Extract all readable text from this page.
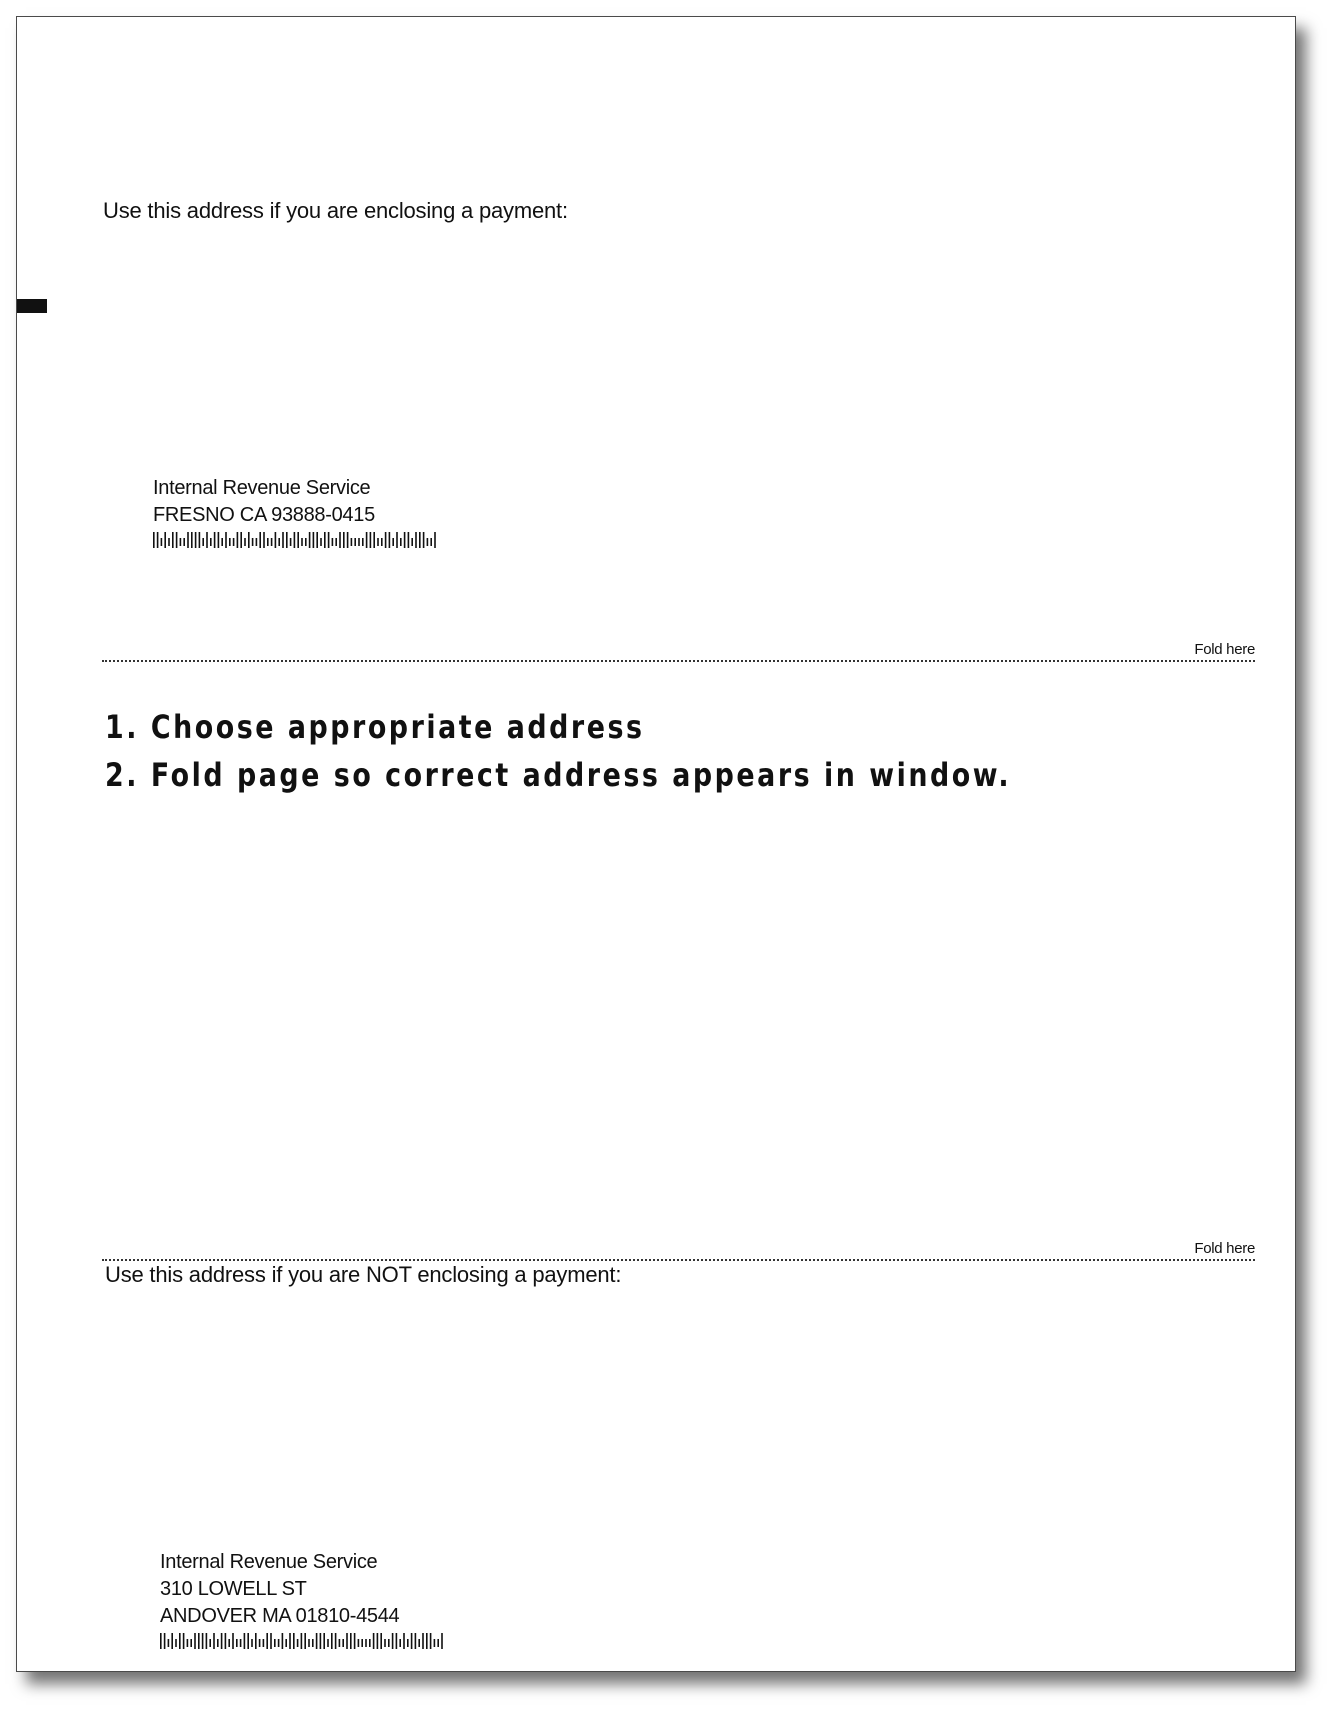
Use this address if you are enclosing a payment:
Internal Revenue Service
FRESNO CA 93888-0415
Fold here
1. Choose appropriate address
2. Fold page so correct address appears in window.
Fold here
Use this address if you are NOT enclosing a payment:
Internal Revenue Service
310 LOWELL ST
ANDOVER MA 01810-4544
